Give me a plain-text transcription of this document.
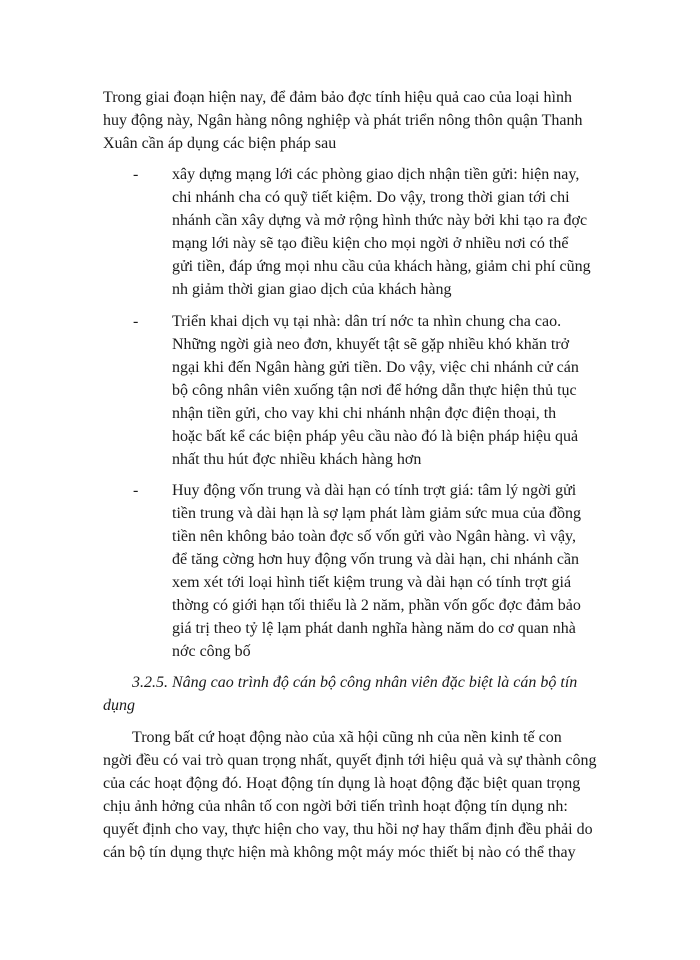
Trong giai đoạn hiện nay, để đảm bảo đợc tính hiệu quả cao của loại hình
huy động này, Ngân hàng nông nghiệp và phát triển nông thôn quận Thanh
Xuân cần áp dụng các biện pháp sau
- xây dựng mạng lới các phòng giao dịch nhận tiền gửi: hiện nay,
chi nhánh cha có quỹ tiết kiệm. Do vậy, trong thời gian tới chi
nhánh cần xây dựng và mở rộng hình thức này bởi khi tạo ra đợc
mạng lới này sẽ tạo điều kiện cho mọi ngời ở nhiều nơi có thể
gửi tiền, đáp ứng mọi nhu cầu của khách hàng, giảm chi phí cũng
nh giảm thời gian giao dịch của khách hàng
- Triển khai dịch vụ tại nhà: dân trí nớc ta nhìn chung cha cao.
Những ngời già neo đơn, khuyết tật sẽ gặp nhiều khó khăn trở
ngại khi đến Ngân hàng gửi tiền. Do vậy, việc chi nhánh cử cán
bộ công nhân viên xuống tận nơi để hớng dẫn thực hiện thủ tục
nhận tiền gửi, cho vay khi chi nhánh nhận đợc điện thoại, th
hoặc bất kể các biện pháp yêu cầu nào đó là biện pháp hiệu quả
nhất thu hút đợc nhiều khách hàng hơn
- Huy động vốn trung và dài hạn có tính trợt giá: tâm lý ngời gửi
tiền trung và dài hạn là sợ lạm phát làm giảm sức mua của đồng
tiền nên không bảo toàn đợc số vốn gửi vào Ngân hàng. vì vậy,
để tăng cờng hơn huy động vốn trung và dài hạn, chi nhánh cần
xem xét tới loại hình tiết kiệm trung và dài hạn có tính trợt giá
thờng có giới hạn tối thiểu là 2 năm, phần vốn gốc đợc đảm bảo
giá trị theo tỷ lệ lạm phát danh nghĩa hàng năm do cơ quan nhà
nớc công bố
3.2.5. Nâng cao trình độ cán bộ công nhân viên đặc biệt là cán bộ tín
dụng
Trong bất cứ hoạt động nào của xã hội cũng nh của nền kinh tế con
ngời đều có vai trò quan trọng nhất, quyết định tới hiệu quả và sự thành công
của các hoạt động đó. Hoạt động tín dụng là hoạt động đặc biệt quan trọng
chịu ảnh hởng của nhân tố con ngời bởi tiến trình hoạt động tín dụng nh:
quyết định cho vay, thực hiện cho vay, thu hồi nợ hay thẩm định đều phải do
cán bộ tín dụng thực hiện mà không một máy móc thiết bị nào có thể thay
